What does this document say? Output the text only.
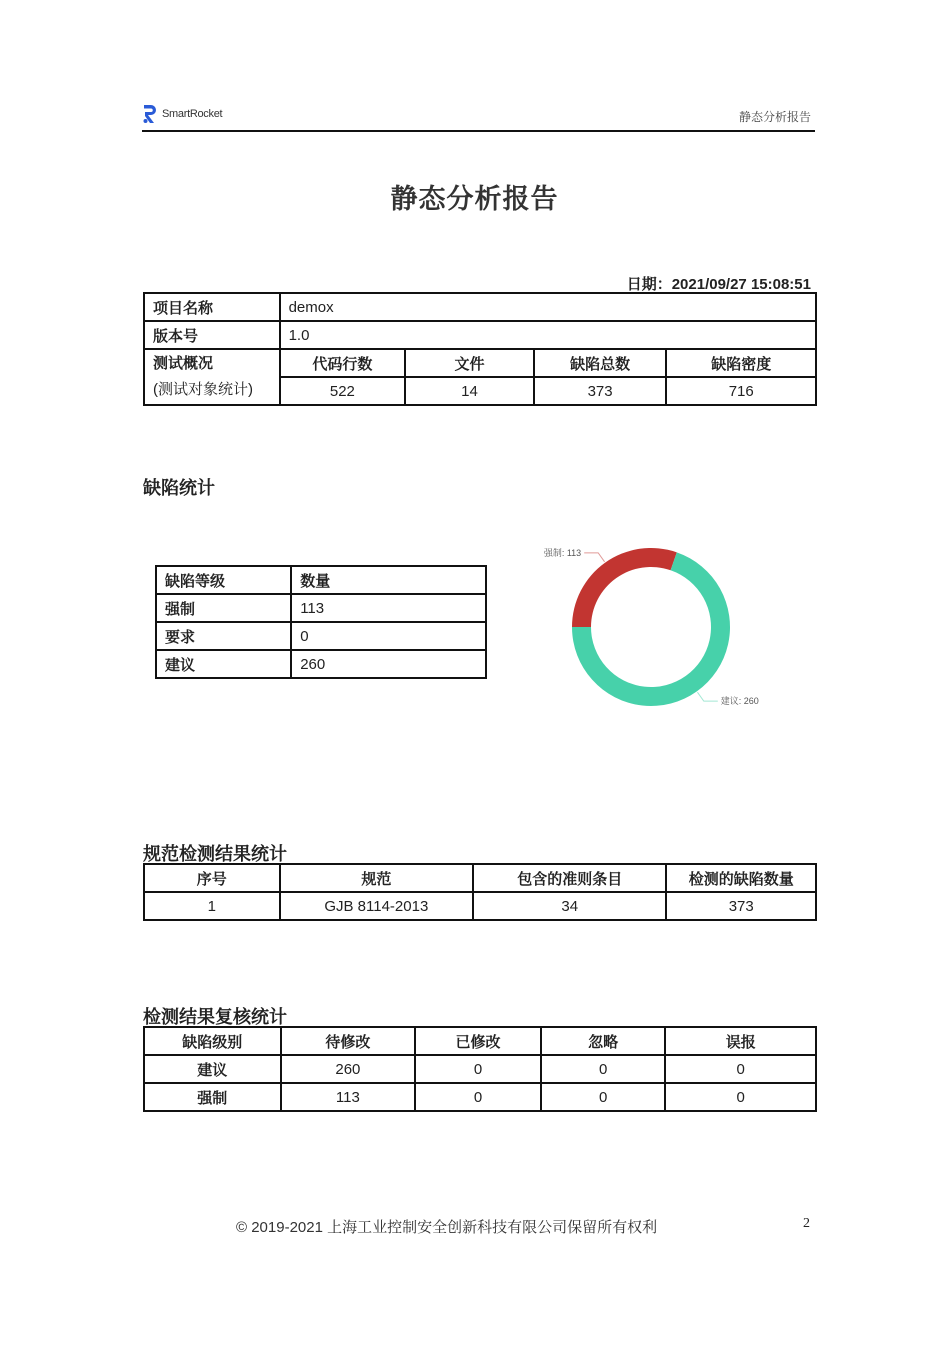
SmartRocket	静态分析报告
静态分析报告
日期：2021/09/27 15:08:51
项目名称	demox			
版本号	1.0			

测试概况
(测试对象统计)	代码行数	文件	缺陷总数	缺陷密度
	522	14	373	716
缺陷统计
缺陷等级	数量
强制	113
要求	0
建议	260
强制: 113
建议: 260
规范检测结果统计
序号	规范	包含的准则条目	检测的缺陷数量
1	GJB 8114-2013	34	373
检测结果复核统计
缺陷级别	待修改	已修改	忽略	误报
建议	260	0	0	0
强制	113	0	0	0
© 2019-2021 上海工业控制安全创新科技有限公司保留所有权利	2
